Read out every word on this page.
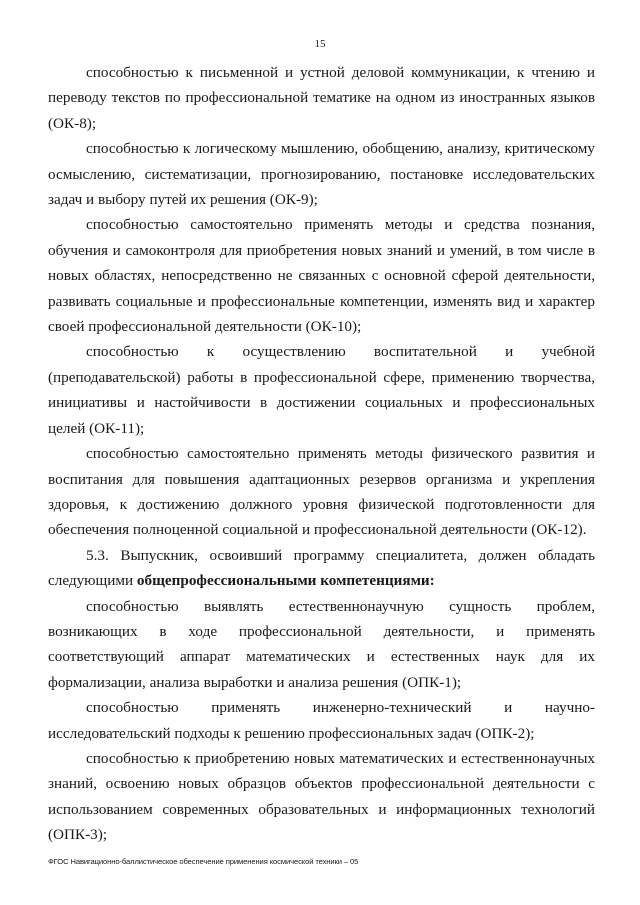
15

способностью к письменной и устной деловой коммуникации, к чтению и переводу текстов по профессиональной тематике на одном из иностранных языков (ОК-8);

способностью к логическому мышлению, обобщению, анализу, критическому осмыслению, систематизации, прогнозированию, постановке исследовательских задач и выбору путей их решения (ОК-9);

способностью самостоятельно применять методы и средства познания, обучения и самоконтроля для приобретения новых знаний и умений, в том числе в новых областях, непосредственно не связанных с основной сферой деятельности, развивать социальные и профессиональные компетенции, изменять вид и характер своей профессиональной деятельности (ОК-10);

способностью к осуществлению воспитательной и учебной (преподавательской) работы в профессиональной сфере, применению творчества, инициативы и настойчивости в достижении социальных и профессиональных целей (ОК-11);

способностью самостоятельно применять методы физического развития и воспитания для повышения адаптационных резервов организма и укрепления здоровья, к достижению должного уровня физической подготовленности для обеспечения полноценной социальной и профессиональной деятельности (ОК-12).

5.3. Выпускник, освоивший программу специалитета, должен обладать следующими общепрофессиональными компетенциями:

способностью выявлять естественнонаучную сущность проблем, возникающих в ходе профессиональной деятельности, и применять соответствующий аппарат математических и естественных наук для их формализации, анализа выработки и анализа решения (ОПК-1);

способностью применять инженерно-технический и научно-исследовательский подходы к решению профессиональных задач (ОПК-2);

способностью к приобретению новых математических и естественнонаучных знаний, освоению новых образцов объектов профессиональной деятельности с использованием современных образовательных и информационных технологий (ОПК-3);

ФГОС Навигационно-баллистическое обеспечение применения космической техники – 05
